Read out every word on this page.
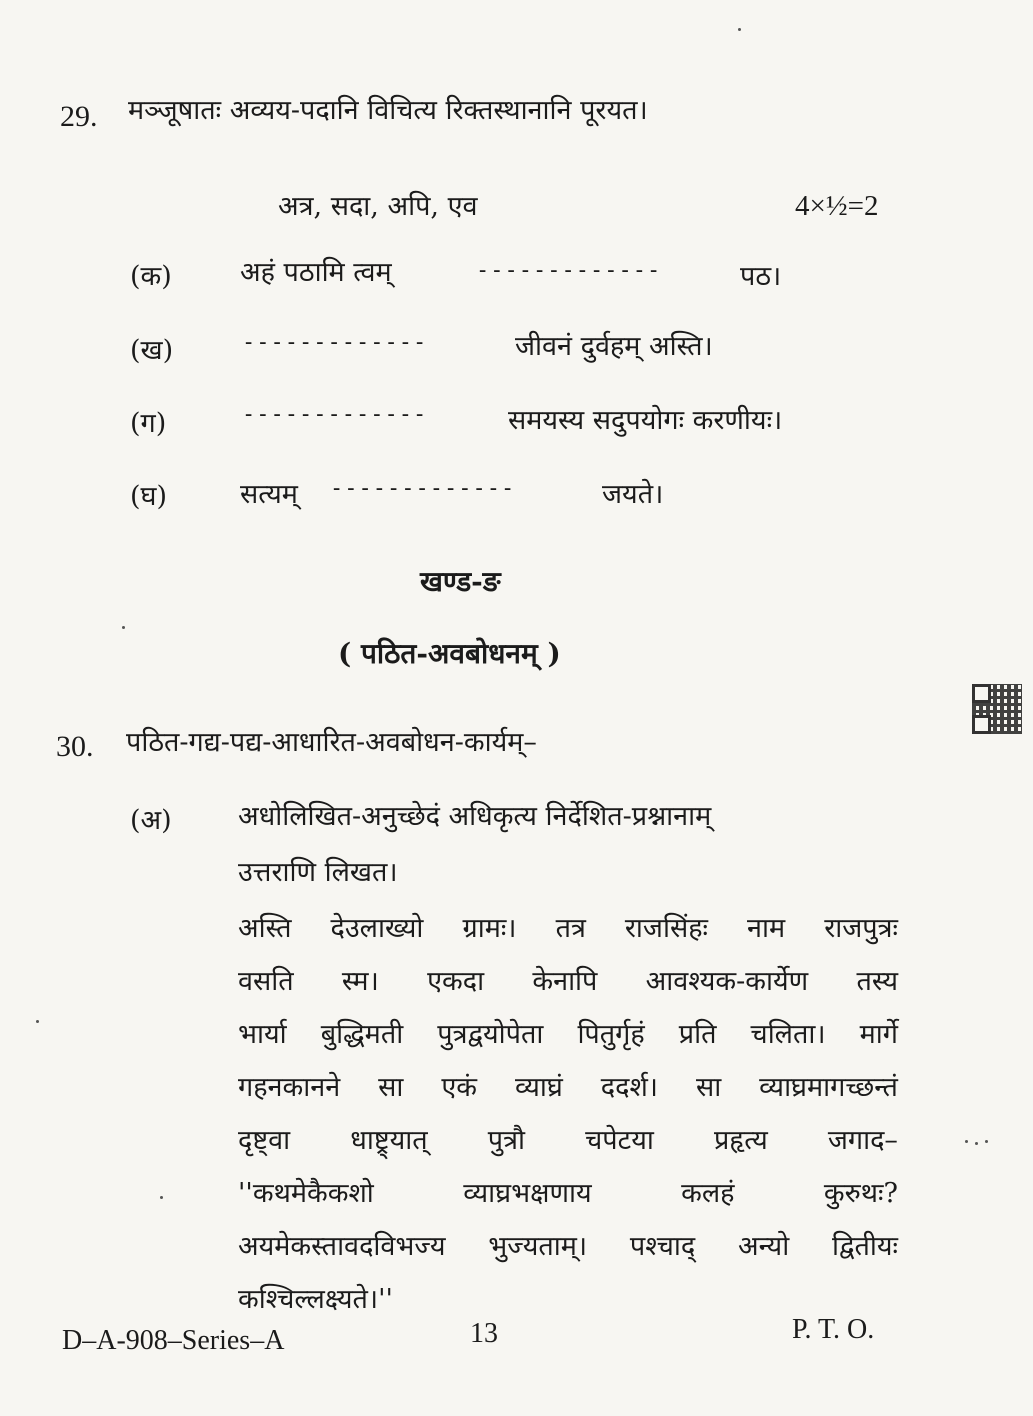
29. मञ्जूषातः अव्यय-पदानि विचित्य रिक्तस्थानानि पूरयत।
अत्र, सदा, अपि, एव	4×½=2
(क)	अहं पठामि त्वम्	-------------	पठ।
(ख)	-------------	जीवनं दुर्वहम् अस्ति।
(ग)	-------------	समयस्य सदुपयोगः करणीयः।
(घ)	सत्यम् -------------	जयते।
खण्ड-ङ
( पठित-अवबोधनम् )
30. पठित-गद्य-पद्य-आधारित-अवबोधन-कार्यम्–
(अ) अधोलिखित-अनुच्छेदं अधिकृत्य निर्देशित-प्रश्नानाम्
उत्तराणि लिखत।
अस्ति देउलाख्यो ग्रामः। तत्र राजसिंहः नाम राजपुत्रः
वसति स्म। एकदा केनापि आवश्यक-कार्येण तस्य
भार्या बुद्धिमती पुत्रद्वयोपेता पितुर्गृहं प्रति चलिता। मार्गे
गहनकानने सा एकं व्याघ्रं ददर्श। सा व्याघ्रमागच्छन्तं
दृष्ट्वा धाष्ट्र्यात् पुत्रौ चपेटया प्रहृत्य जगाद–
''कथमेकैकशो	व्याघ्रभक्षणाय	कलहं	कुरुथः?
अयमेकस्तावदविभज्य भुज्यताम्। पश्चाद् अन्यो द्वितीयः
कश्चिल्लक्ष्यते।''
D–A-908–Series–A	13	P. T. O.
